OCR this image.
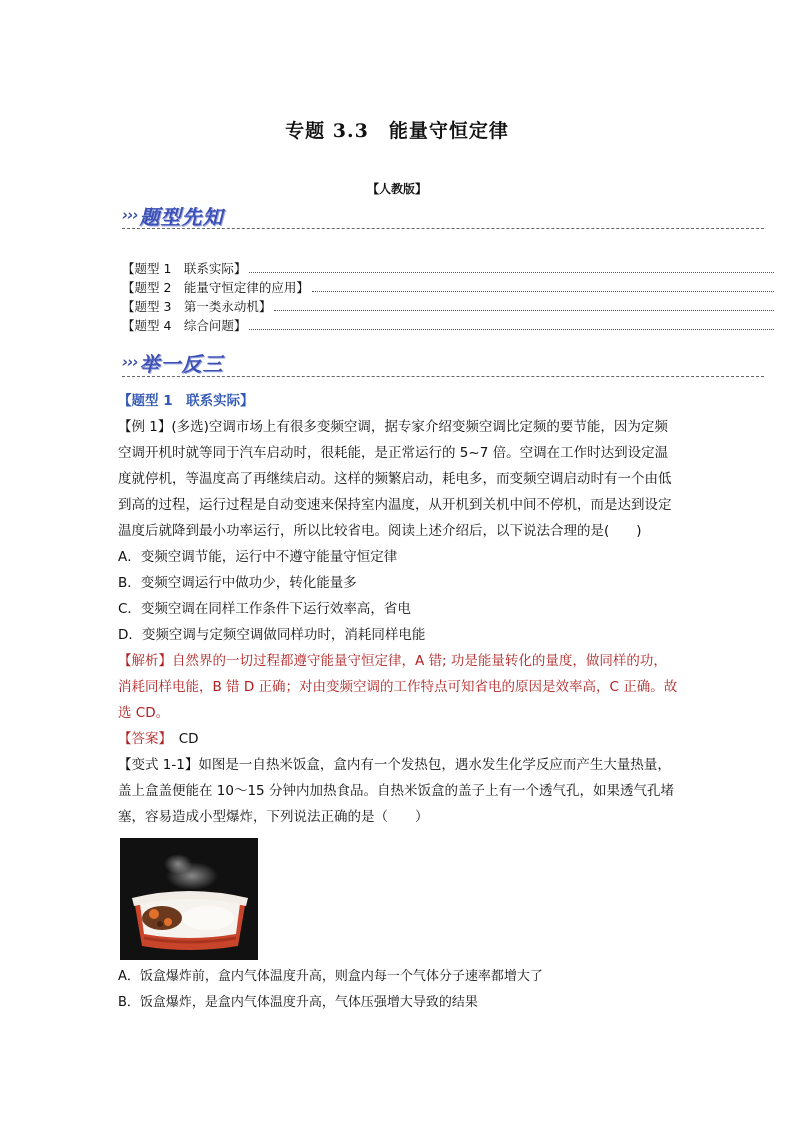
专题 3.3　能量守恒定律
【人教版】
››› 题型先知
【题型 1　联系实际】
【题型 2　能量守恒定律的应用】
【题型 3　第一类永动机】
【题型 4　综合问题】
››› 举一反三

【题型 1　联系实际】

【例 1】(多选)空调市场上有很多变频空调，据专家介绍变频空调比定频的要节能，因为定频空调开机时就等同于汽车启动时，很耗能，是正常运行的 5~7 倍。空调在工作时达到设定温度就停机，等温度高了再继续启动。这样的频繁启动，耗电多，而变频空调启动时有一个由低到高的过程，运行过程是自动变速来保持室内温度，从开机到关机中间不停机，而是达到设定温度后就降到最小功率运行，所以比较省电。阅读上述介绍后，以下说法合理的是(　　)

A．变频空调节能，运行中不遵守能量守恒定律

B．变频空调运行中做功少，转化能量多

C．变频空调在同样工作条件下运行效率高，省电

D．变频空调与定频空调做同样功时，消耗同样电能

【解析】自然界的一切过程都遵守能量守恒定律，A 错; 功是能量转化的量度，做同样的功，消耗同样电能，B 错 D 正确；对由变频空调的工作特点可知省电的原因是效率高，C 正确。故选 CD。

【答案】　 CD

【变式 1-1】如图是一自热米饭盒，盒内有一个发热包，遇水发生化学反应而产生大量热量，盖上盒盖便能在 10～15 分钟内加热食品。自热米饭盒的盖子上有一个透气孔，如果透气孔堵塞，容易造成小型爆炸，下列说法正确的是（　　）

A．饭盒爆炸前，盒内气体温度升高，则盒内每一个气体分子速率都增大了

B．饭盒爆炸，是盒内气体温度升高，气体压强增大导致的结果
